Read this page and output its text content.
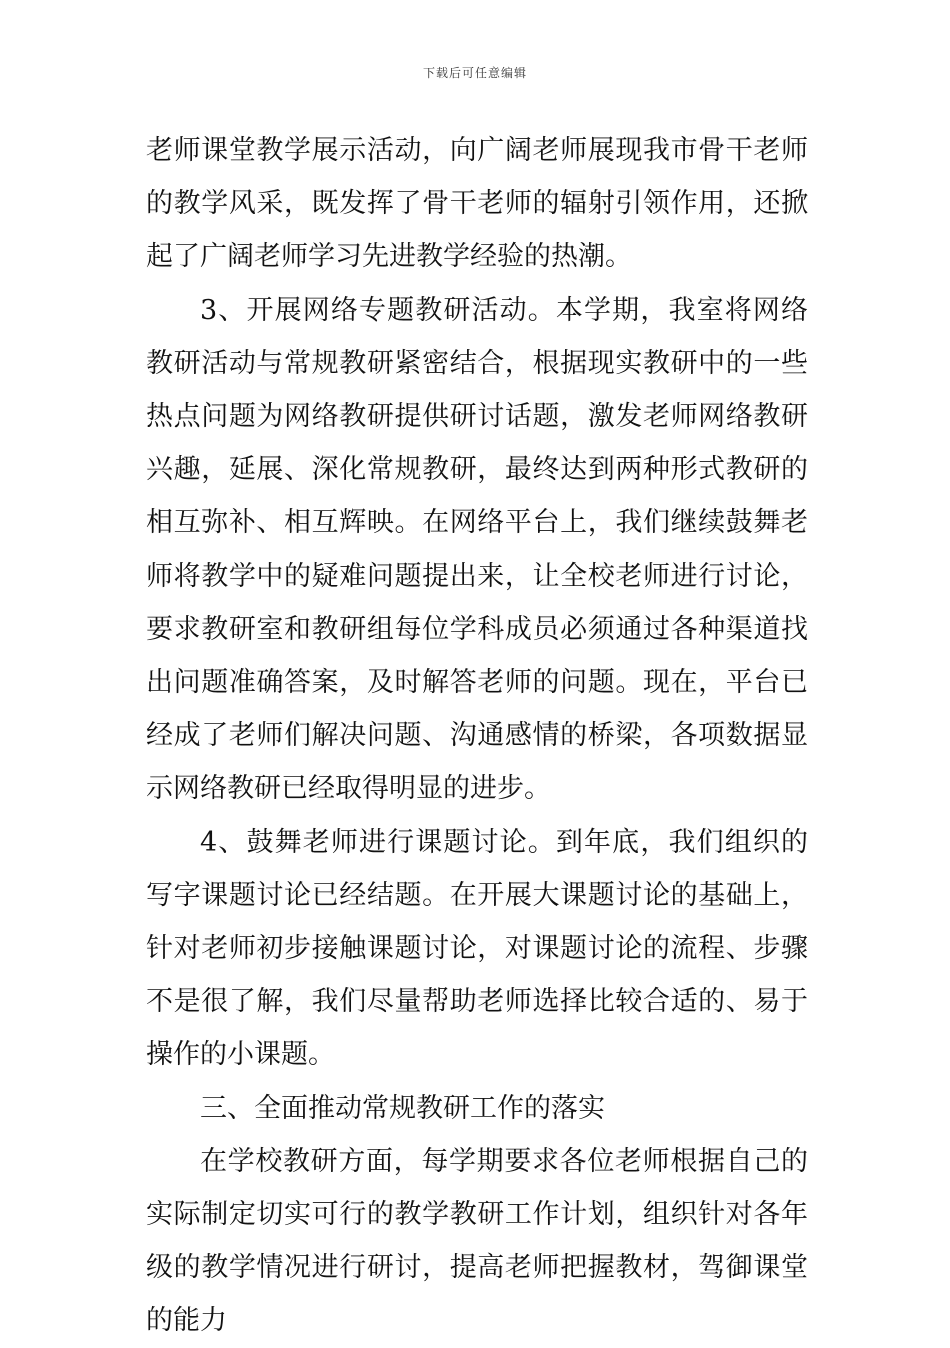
下载后可任意编辑

老师课堂教学展示活动，向广阔老师展现我市骨干老师的教学风采，既发挥了骨干老师的辐射引领作用，还掀起了广阔老师学习先进教学经验的热潮。

3、开展网络专题教研活动。本学期，我室将网络教研活动与常规教研紧密结合，根据现实教研中的一些热点问题为网络教研提供研讨话题，激发老师网络教研兴趣，延展、深化常规教研，最终达到两种形式教研的相互弥补、相互辉映。在网络平台上，我们继续鼓舞老师将教学中的疑难问题提出来，让全校老师进行讨论，要求教研室和教研组每位学科成员必须通过各种渠道找出问题准确答案，及时解答老师的问题。现在，平台已经成了老师们解决问题、沟通感情的桥梁，各项数据显示网络教研已经取得明显的进步。

4、鼓舞老师进行课题讨论。到年底，我们组织的写字课题讨论已经结题。在开展大课题讨论的基础上，针对老师初步接触课题讨论，对课题讨论的流程、步骤不是很了解，我们尽量帮助老师选择比较合适的、易于操作的小课题。

三、全面推动常规教研工作的落实

在学校教研方面，每学期要求各位老师根据自己的实际制定切实可行的教学教研工作计划，组织针对各年级的教学情况进行研讨，提高老师把握教材，驾御课堂的能力
